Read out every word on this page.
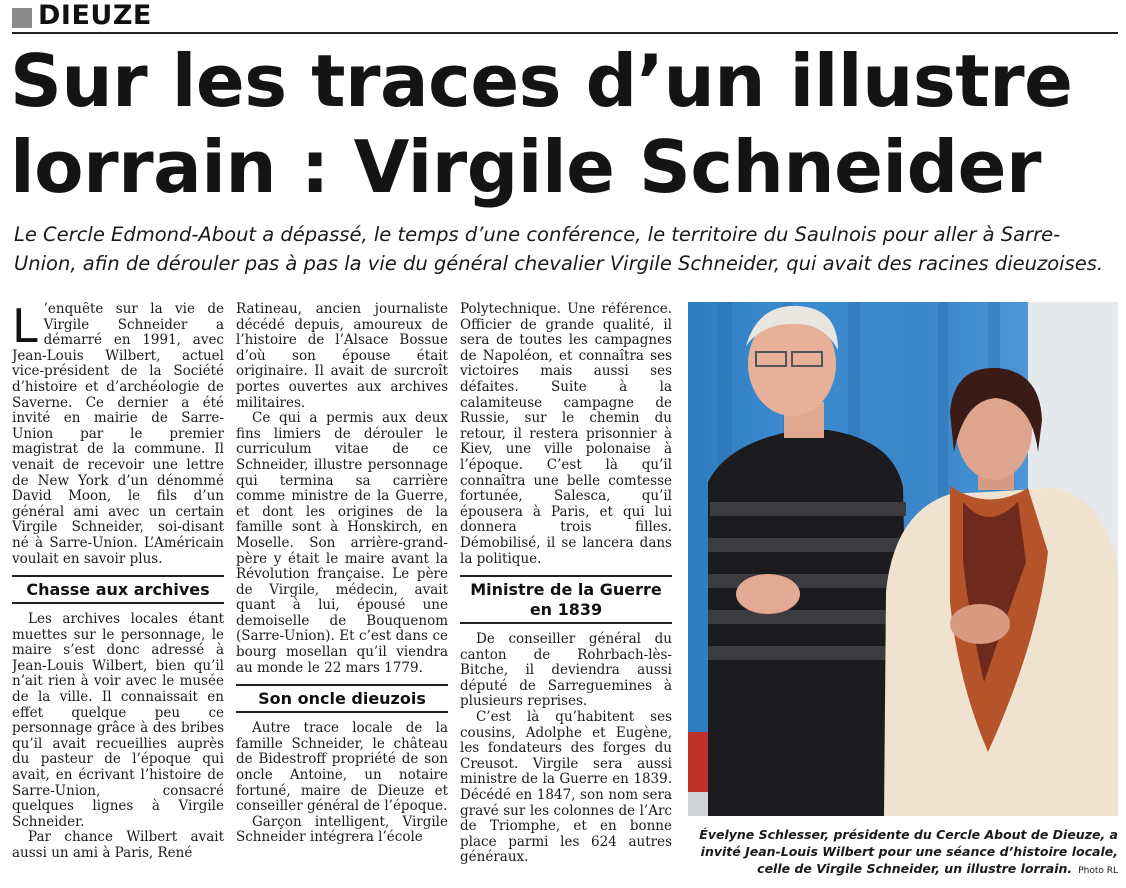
DIEUZE
Sur les traces d’un illustre
lorrain : Virgile Schneider

Le Cercle Edmond-About a dépassé, le temps d’une conférence, le territoire du Saulnois pour aller à Sarre-Union, afin de dérouler pas à pas la vie du général chevalier Virgile Schneider, qui avait des racines dieuzoises.

L ’enquête sur la vie de Virgile Schneider a démarré en 1991, avec Jean-Louis Wilbert, actuel vice-président de la Société d’histoire et d’archéologie de Saverne. Ce dernier a été invité en mairie de Sarre-Union par le premier magistrat de la commune. Il venait de recevoir une lettre de New York d’un dénommé David Moon, le fils d’un général ami avec un certain Virgile Schneider, soi-disant né à Sarre-Union. L’Américain voulait en savoir plus.

Chasse aux archives

Les archives locales étant muettes sur le personnage, le maire s’est donc adressé à Jean-Louis Wilbert, bien qu’il n’ait rien à voir avec le musée de la ville. Il connaissait en effet quelque peu ce personnage grâce à des bribes qu’il avait recueillies auprès du pasteur de l’époque qui avait, en écrivant l’histoire de Sarre-Union, consacré quelques lignes à Virgile Schneider.

Par chance Wilbert avait aussi un ami à Paris, René

Ratineau, ancien journaliste décédé depuis, amoureux de l’histoire de l’Alsace Bossue d’où son épouse était originaire. Il avait de surcroît portes ouvertes aux archives militaires.

Ce qui a permis aux deux fins limiers de dérouler le curriculum vitae de ce Schneider, illustre personnage qui termina sa carrière comme ministre de la Guerre, et dont les origines de la famille sont à Honskirch, en Moselle. Son arrière-grand-père y était le maire avant la Révolution française. Le père de Virgile, médecin, avait quant à lui, épousé une demoiselle de Bouquenom (Sarre-Union). Et c’est dans ce bourg mosellan qu’il viendra au monde le 22 mars 1779.

Son oncle dieuzois

Autre trace locale de la famille Schneider, le château de Bidestroff propriété de son oncle Antoine, un notaire fortuné, maire de Dieuze et conseiller général de l’époque.

Garçon intelligent, Virgile Schneider intégrera l’école

Polytechnique. Une référence. Officier de grande qualité, il sera de toutes les campagnes de Napoléon, et connaîtra ses victoires mais aussi ses défaites. Suite à la calamiteuse campagne de Russie, sur le chemin du retour, il restera prisonnier à Kiev, une ville polonaise à l’époque. C’est là qu’il connaîtra une belle comtesse fortunée, Salesca, qu’il épousera à Paris, et qui lui donnera trois filles. Démobilisé, il se lancera dans la politique.

Ministre de la Guerre
en 1839

De conseiller général du canton de Rohrbach-lès-Bitche, il deviendra aussi député de Sarreguemines à plusieurs reprises.

C’est là qu’habitent ses cousins, Adolphe et Eugène, les fondateurs des forges du Creusot. Virgile sera aussi ministre de la Guerre en 1839. Décédé en 1847, son nom sera gravé sur les colonnes de l’Arc de Triomphe, et en bonne place parmi les 624 autres généraux.

Évelyne Schlesser, présidente du Cercle About de Dieuze, a invité Jean-Louis Wilbert pour une séance d’histoire locale, celle de Virgile Schneider, un illustre lorrain. Photo RL
